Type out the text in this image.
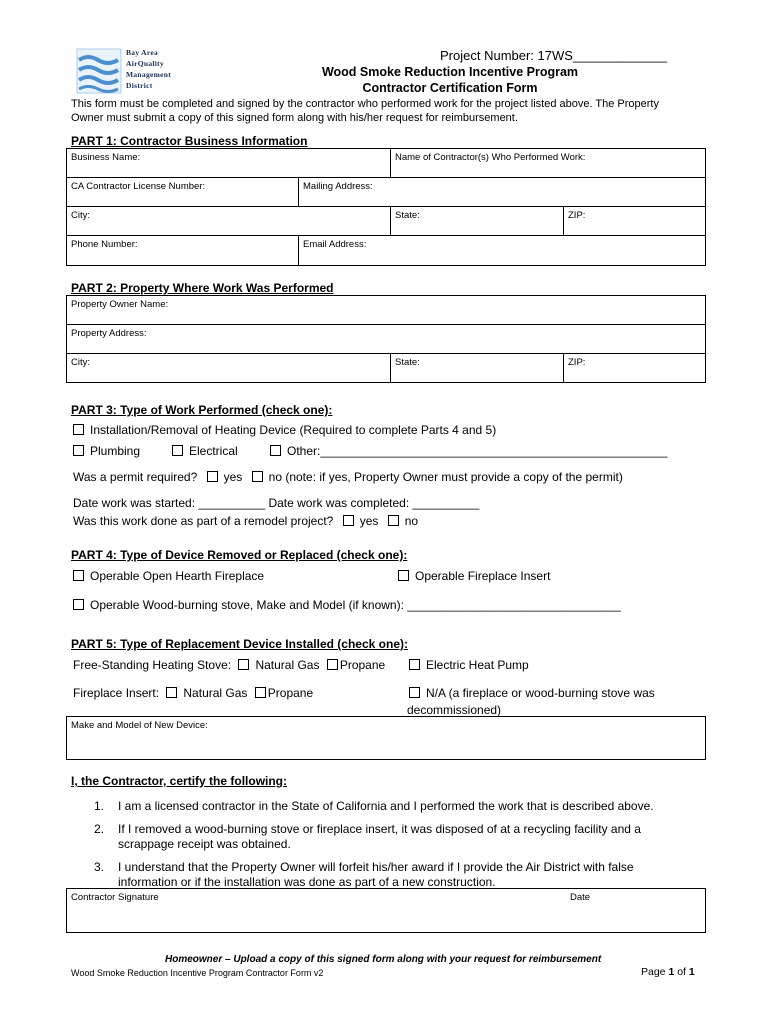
Bay Area
AirQuality
Management
District
Project Number: 17WS_____________
Wood Smoke Reduction Incentive Program
Contractor Certification Form
This form must be completed and signed by the contractor who performed work for the project listed above. The Property Owner must submit a copy of this signed form along with his/her request for reimbursement.
PART 1: Contractor Business Information
Business Name:	Name of Contractor(s) Who Performed Work:
CA Contractor License Number:	Mailing Address:
City:	State:	ZIP:
Phone Number:	Email Address:
PART 2: Property Where Work Was Performed
Property Owner Name:
Property Address:
City:	State:	ZIP:
PART 3: Type of Work Performed (check one):
Installation/Removal of Heating Device (Required to complete Parts 4 and 5)
Plumbing	Electrical	Other:____________________________________________________
Was a permit required? yes no (note: if yes, Property Owner must provide a copy of the permit)
Date work was started: __________ Date work was completed: __________
Was this work done as part of a remodel project? yes no
PART 4: Type of Device Removed or Replaced (check one):
Operable Open Hearth Fireplace	Operable Fireplace Insert
Operable Wood-burning stove, Make and Model (if known): ________________________________
PART 5: Type of Replacement Device Installed (check one):
Free-Standing Heating Stove: Natural Gas Propane	Electric Heat Pump
Fireplace Insert: Natural Gas Propane	N/A (a fireplace or wood-burning stove was
decommissioned)
Make and Model of New Device:
I, the Contractor, certify the following:
1. I am a licensed contractor in the State of California and I performed the work that is described above.
2. If I removed a wood-burning stove or fireplace insert, it was disposed of at a recycling facility and a
scrappage receipt was obtained.
3. I understand that the Property Owner will forfeit his/her award if I provide the Air District with false
information or if the installation was done as part of a new construction.
Contractor Signature	Date
Homeowner – Upload a copy of this signed form along with your request for reimbursement
Wood Smoke Reduction Incentive Program Contractor Form v2	Page 1 of 1
